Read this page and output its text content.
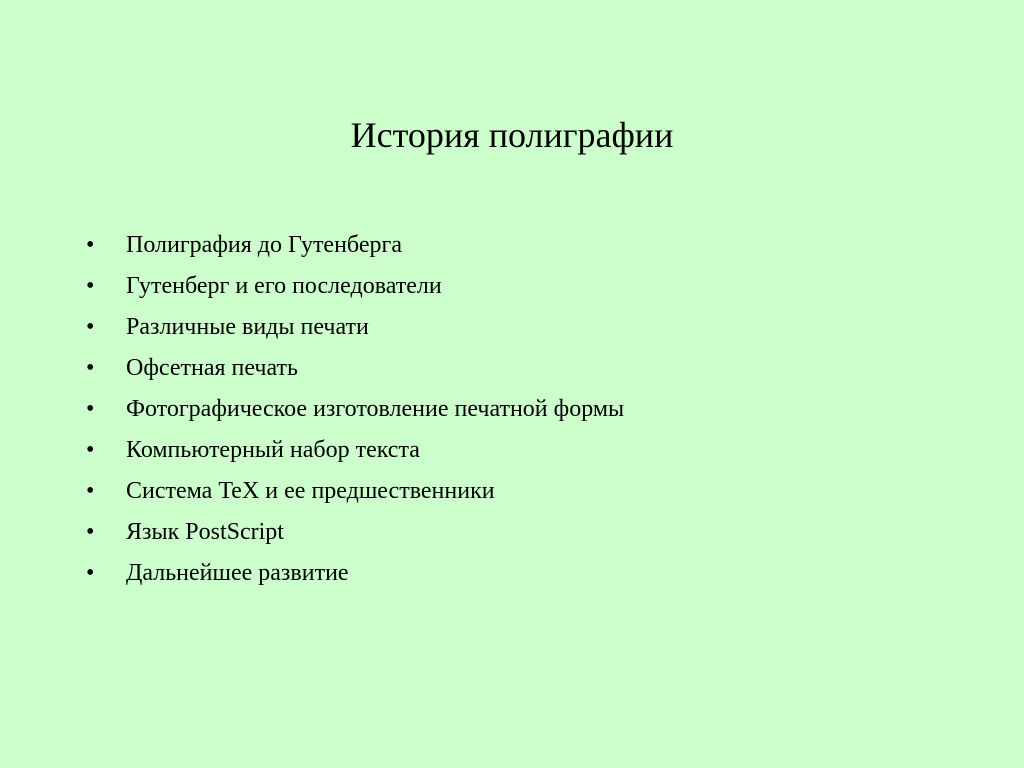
История полиграфии
• Полиграфия до Гутенберга
• Гутенберг и его последователи
• Различные виды печати
• Офсетная печать
• Фотографическое изготовление печатной формы
• Компьютерный набор текста
• Система TeX и ее предшественники
• Язык PostScript
• Дальнейшее развитие
